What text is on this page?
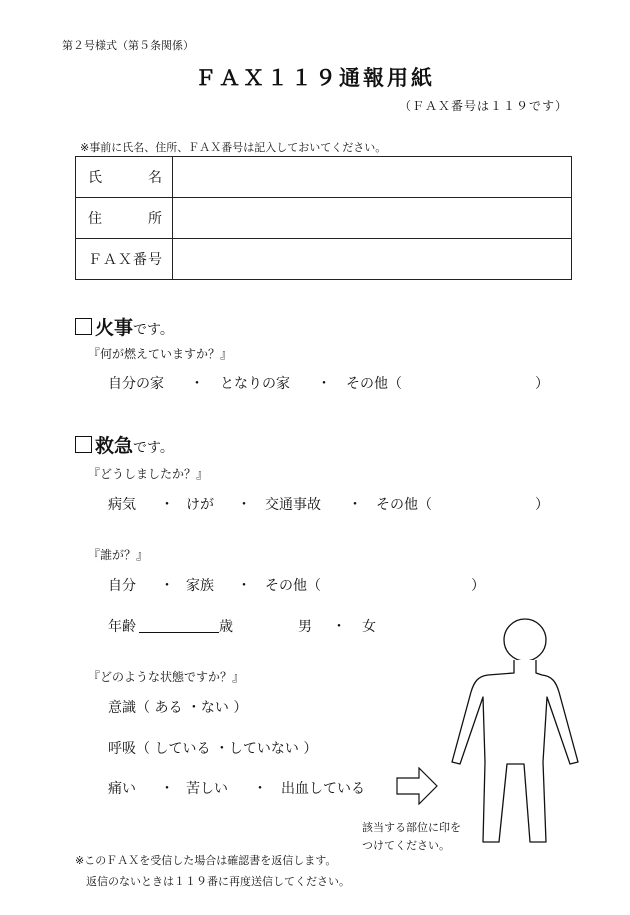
第２号様式（第５条関係）
ＦＡＸ１１９通報用紙
（ＦＡＸ番号は１１９です）
※事前に氏名、住所、ＦＡＸ番号は記入しておいてください。
氏　名	
住　所	
ＦＡＸ番号	
火事です。
『何が燃えていますか？』
自分の家 ・ となりの家 ・ その他（	）
救急です。
『どうしましたか？』
病気 ・ けが ・ 交通事故 ・ その他（	）
『誰が？』
自分 ・ 家族 ・ その他（	）
年齢	歳	男 ・ 女
『どのような状態ですか？』
意識（ ある ・ない ）
呼吸（ している ・していない ）
痛い ・ 苦しい ・ 出血している
該当する部位に印を
つけてください。
※このＦＡＸを受信した場合は確認書を返信します。
返信のないときは１１９番に再度送信してください。
